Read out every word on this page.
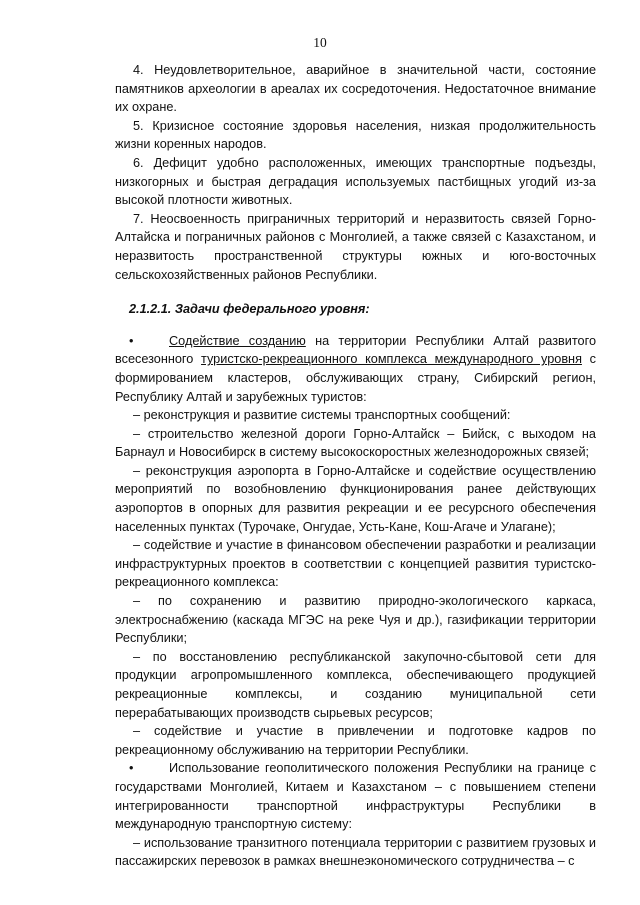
10

4. Неудовлетворительное, аварийное в значительной части, состояние памятников археологии в ареалах их сосредоточения. Недостаточное внимание их охране.

5. Кризисное состояние здоровья населения, низкая продолжительность жизни коренных народов.

6. Дефицит удобно расположенных, имеющих транспортные подъезды, низкогорных и быстрая деградация используемых пастбищных угодий из-за высокой плотности животных.

7. Неосвоенность приграничных территорий и неразвитость связей Горно-Алтайска и пограничных районов с Монголией, а также связей с Казахстаном, и неразвитость пространственной структуры южных и юго-восточных сельскохозяйственных районов Республики.

2.1.2.1. Задачи федерального уровня:

•	Содействие созданию на территории Республики Алтай развитого всесезонного туристско-рекреационного комплекса международного уровня с формированием кластеров, обслуживающих страну, Сибирский регион, Республику Алтай и зарубежных туристов:

– реконструкция и развитие системы транспортных сообщений:

– строительство железной дороги Горно-Алтайск – Бийск, с выходом на Барнаул и Новосибирск в систему высокоскоростных железнодорожных связей;

– реконструкция аэропорта в Горно-Алтайске и содействие осуществлению мероприятий по возобновлению функционирования ранее действующих аэропортов в опорных для развития рекреации и ее ресурсного обеспечения населенных пунктах (Турочаке, Онгудае, Усть-Кане, Кош-Агаче и Улагане);

– содействие и участие в финансовом обеспечении разработки и реализации инфраструктурных проектов в соответствии с концепцией развития туристско-рекреационного комплекса:

– по сохранению и развитию природно-экологического каркаса, электроснабжению (каскада МГЭС на реке Чуя и др.), газификации территории Республики;

– по восстановлению республиканской закупочно-сбытовой сети для продукции агропромышленного комплекса, обеспечивающего продукцией рекреационные комплексы, и созданию муниципальной сети перерабатывающих производств сырьевых ресурсов;

– содействие и участие в привлечении и подготовке кадров по рекреационному обслуживанию на территории Республики.

•	Использование геополитического положения Республики на границе с государствами Монголией, Китаем и Казахстаном – с повышением степени интегрированности транспортной инфраструктуры Республики в международную транспортную систему:

– использование транзитного потенциала территории с развитием грузовых и пассажирских перевозок в рамках внешнеэкономического сотрудничества – с
